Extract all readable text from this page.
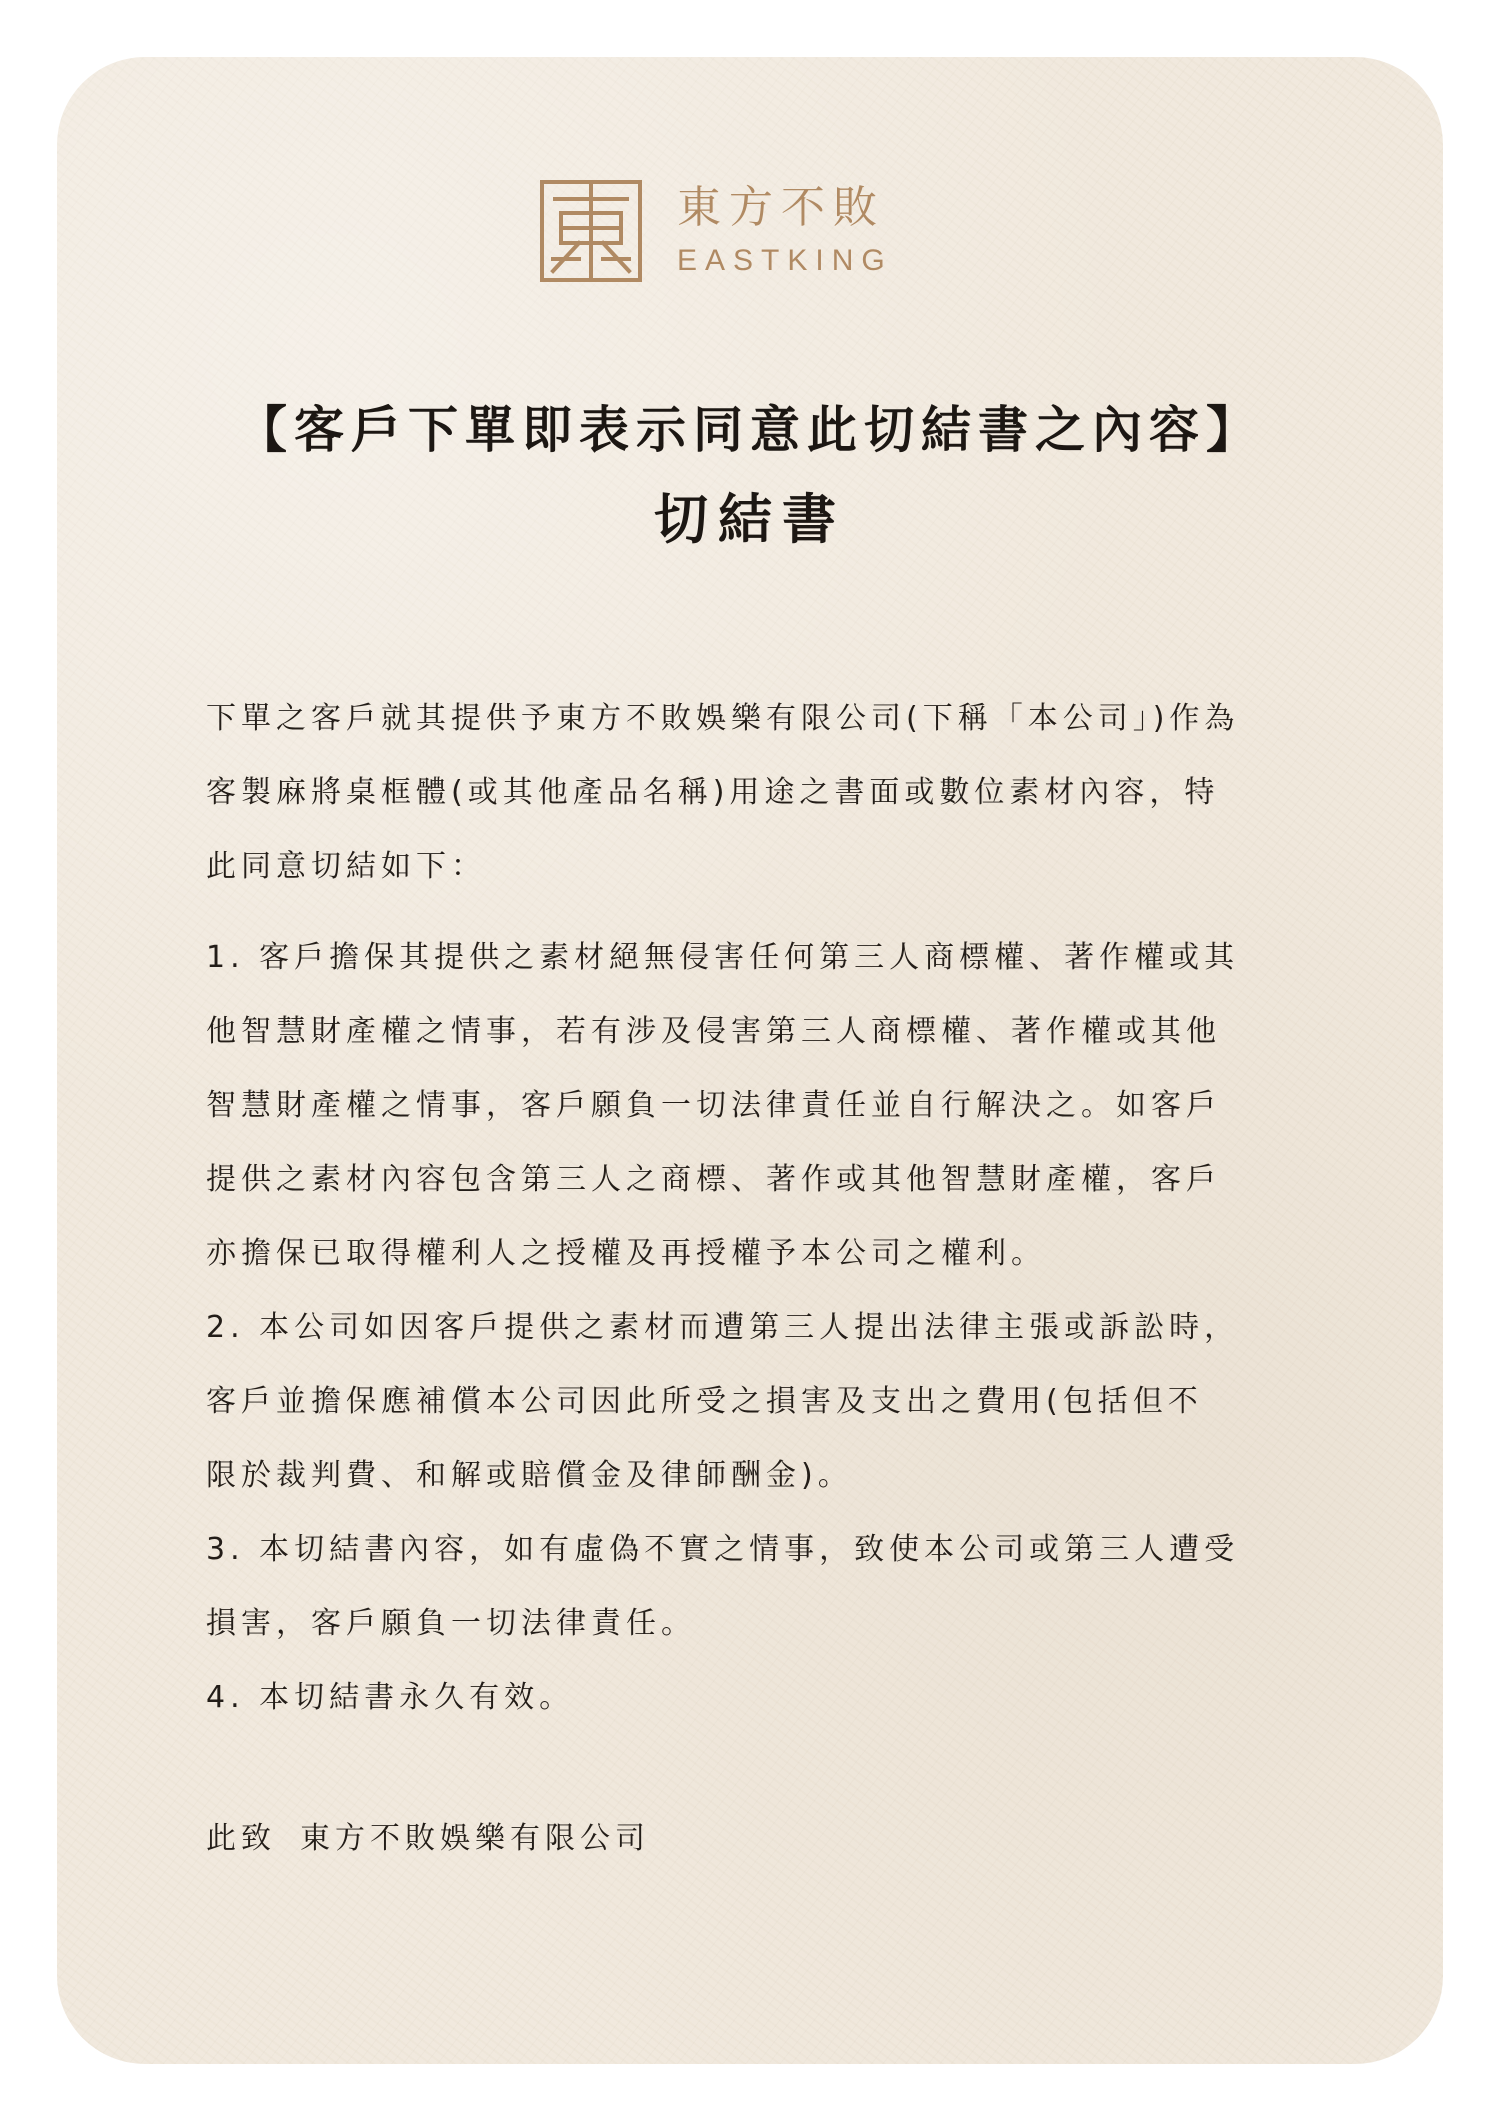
東方不敗
EASTKING
【客戶下單即表示同意此切結書之內容】
切結書
下單之客戶就其提供予東方不敗娛樂有限公司(下稱「本公司」)作為
客製麻將桌框體(或其他產品名稱)用途之書面或數位素材內容，特
此同意切結如下：
1. 客戶擔保其提供之素材絕無侵害任何第三人商標權、著作權或其
他智慧財產權之情事，若有涉及侵害第三人商標權、著作權或其他
智慧財產權之情事，客戶願負一切法律責任並自行解決之。如客戶
提供之素材內容包含第三人之商標、著作或其他智慧財產權，客戶
亦擔保已取得權利人之授權及再授權予本公司之權利。
2. 本公司如因客戶提供之素材而遭第三人提出法律主張或訴訟時，
客戶並擔保應補償本公司因此所受之損害及支出之費用(包括但不
限於裁判費、和解或賠償金及律師酬金)。
3. 本切結書內容，如有虛偽不實之情事，致使本公司或第三人遭受
損害，客戶願負一切法律責任。
4. 本切結書永久有效。
此致 東方不敗娛樂有限公司
